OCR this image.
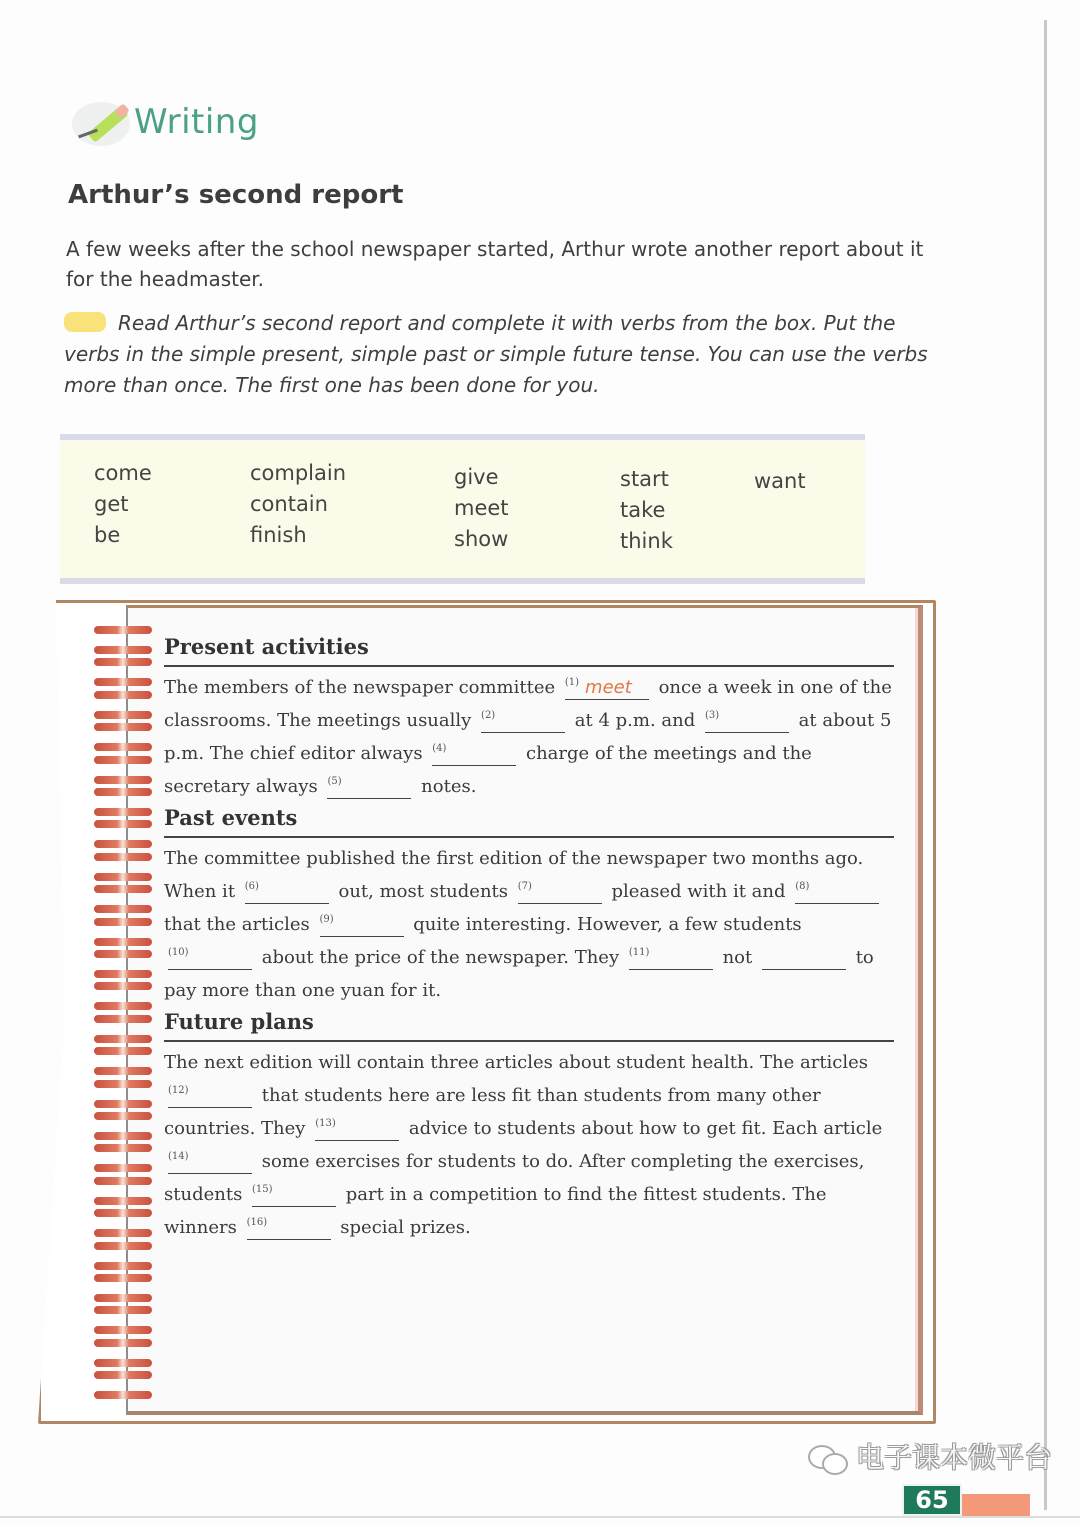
Writing
Arthur’s second report
A few weeks after the school newspaper started, Arthur wrote another report about it for the headmaster.
Read Arthur’s second report and complete it with verbs from the box. Put the verbs in the simple present, simple past or simple future tense. You can use the verbs more than once. The first one has been done for you.
come
get
be
complain
contain
finish
give
meet
show
start
take
think
want
Present activities
The members of the newspaper committee (1) meet once a week in one of the classrooms. The meetings usually (2)	at 4 p.m. and (3)	at about 5 p.m. The chief editor always (4)	charge of the meetings and the secretary always (5)	notes.
Past events
The committee published the first edition of the newspaper two months ago. When it (6)	out, most students (7)	pleased with it and (8) that the articles (9)	quite interesting. However, a few students (10)	about the price of the newspaper. They (11)	not	to pay more than one yuan for it.
Future plans
The next edition will contain three articles about student health. The articles (12)	that students here are less fit than students from many other countries. They (13)	advice to students about how to get fit. Each article (14)	some exercises for students to do. After completing the exercises, students (15)	part in a competition to find the fittest students. The winners (16)	special prizes.
电子课本微平台
65
